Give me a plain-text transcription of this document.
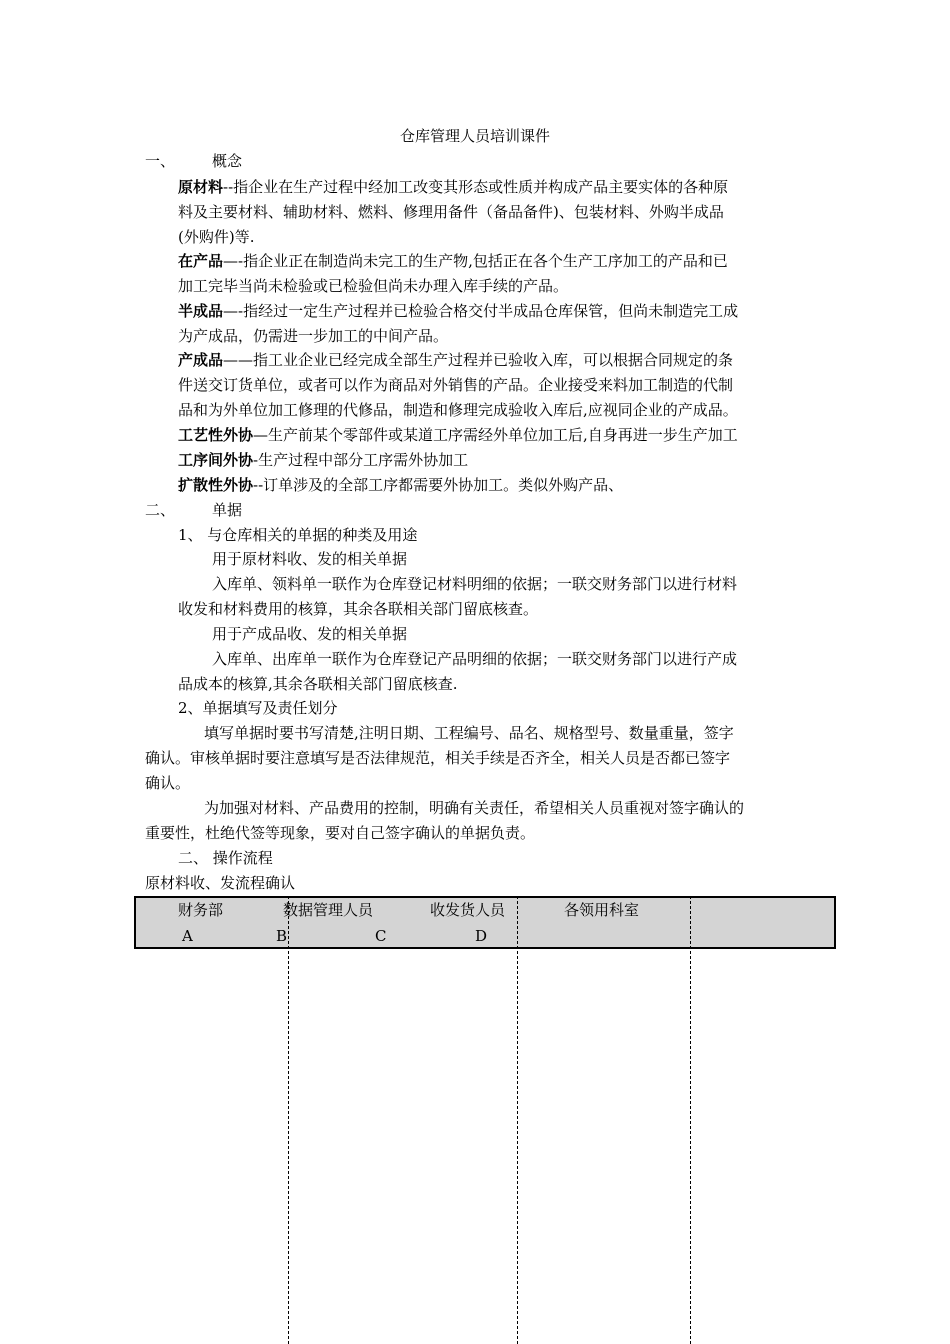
仓库管理人员培训课件
一、 概念
原材料--指企业在生产过程中经加工改变其形态或性质并构成产品主要实体的各种原
料及主要材料、辅助材料、燃料、修理用备件（备品备件)、包装材料、外购半成品
(外购件)等.
在产品—-指企业正在制造尚未完工的生产物,包括正在各个生产工序加工的产品和已
加工完毕当尚未检验或已检验但尚未办理入库手续的产品。
半成品—-指经过一定生产过程并已检验合格交付半成品仓库保管，但尚未制造完工成
为产成品，仍需进一步加工的中间产品。
产成品——指工业企业已经完成全部生产过程并已验收入库，可以根据合同规定的条
件送交订货单位，或者可以作为商品对外销售的产品。企业接受来料加工制造的代制
品和为外单位加工修理的代修品，制造和修理完成验收入库后,应视同企业的产成品。
工艺性外协—生产前某个零部件或某道工序需经外单位加工后,自身再进一步生产加工
工序间外协-生产过程中部分工序需外协加工
扩散性外协--订单涉及的全部工序都需要外协加工。类似外购产品、
二、 单据
1、 与仓库相关的单据的种类及用途
用于原材料收、发的相关单据
入库单、领料单一联作为仓库登记材料明细的依据；一联交财务部门以进行材料
收发和材料费用的核算，其余各联相关部门留底核查。
用于产成品收、发的相关单据
入库单、出库单一联作为仓库登记产品明细的依据；一联交财务部门以进行产成
品成本的核算,其余各联相关部门留底核查.
2、单据填写及责任划分
填写单据时要书写清楚,注明日期、工程编号、品名、规格型号、数量重量，签字
确认。审核单据时要注意填写是否法律规范，相关手续是否齐全，相关人员是否都已签字
确认。
为加强对材料、产品费用的控制，明确有关责任，希望相关人员重视对签字确认的
重要性，杜绝代签等现象，要对自己签字确认的单据负责。
二、 操作流程
原材料收、发流程确认
财务部	数据管理人员	收发货人员	各领用科室
A	B	C	D
